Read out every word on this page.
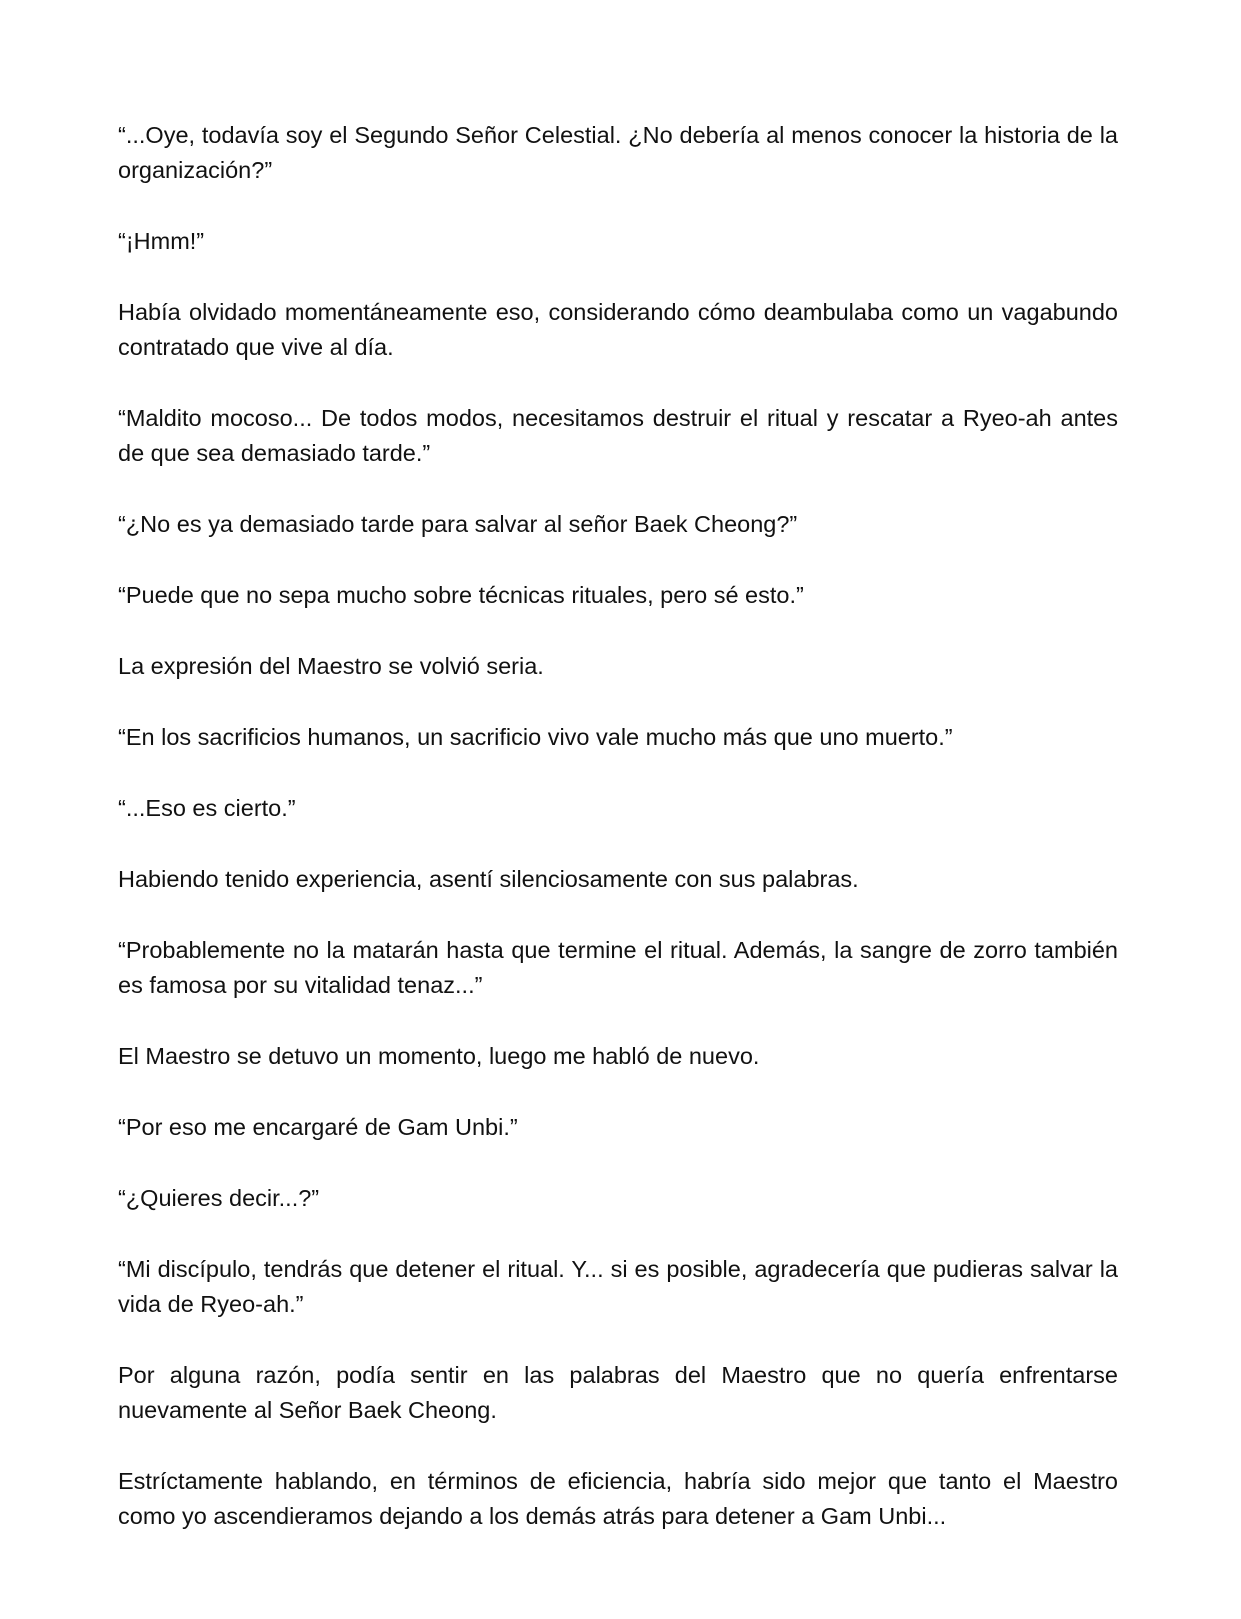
“...Oye, todavía soy el Segundo Señor Celestial. ¿No debería al menos conocer la historia de la organización?”

“¡Hmm!”

Había olvidado momentáneamente eso, considerando cómo deambulaba como un vagabundo contratado que vive al día.

“Maldito mocoso... De todos modos, necesitamos destruir el ritual y rescatar a Ryeo-ah antes de que sea demasiado tarde.”

“¿No es ya demasiado tarde para salvar al señor Baek Cheong?”

“Puede que no sepa mucho sobre técnicas rituales, pero sé esto.”

La expresión del Maestro se volvió seria.

“En los sacrificios humanos, un sacrificio vivo vale mucho más que uno muerto.”

“...Eso es cierto.”

Habiendo tenido experiencia, asentí silenciosamente con sus palabras.

“Probablemente no la matarán hasta que termine el ritual. Además, la sangre de zorro también es famosa por su vitalidad tenaz...”

El Maestro se detuvo un momento, luego me habló de nuevo.

“Por eso me encargaré de Gam Unbi.”

“¿Quieres decir...?”

“Mi discípulo, tendrás que detener el ritual. Y... si es posible, agradecería que pudieras salvar la vida de Ryeo-ah.”

Por alguna razón, podía sentir en las palabras del Maestro que no quería enfrentarse nuevamente al Señor Baek Cheong.

Estríctamente hablando, en términos de eficiencia, habría sido mejor que tanto el Maestro como yo ascendieramos dejando a los demás atrás para detener a Gam Unbi...
